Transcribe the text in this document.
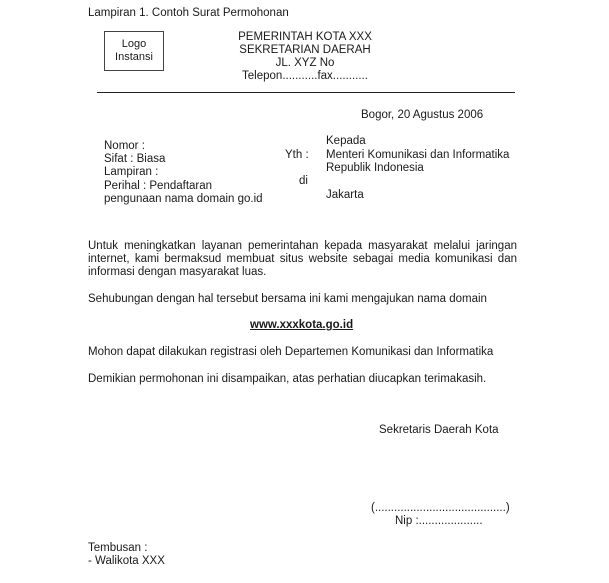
Lampiran 1. Contoh Surat Permohonan
Logo
Instansi
PEMERINTAH KOTA XXX
SEKRETARIAN DAERAH
JL. XYZ No
Telepon...........fax...........
Bogor, 20 Agustus 2006
Nomor :
Sifat : Biasa
Lampiran :
Perihal : Pendaftaran
pengunaan nama domain go.id
Kepada
Yth : Menteri Komunikasi dan Informatika
Republik Indonesia
di
Jakarta
Untuk meningkatkan layanan pemerintahan kepada masyarakat melalui jaringan internet, kami bermaksud membuat situs website sebagai media komunikasi dan informasi dengan masyarakat luas.
Sehubungan dengan hal tersebut bersama ini kami mengajukan nama domain
www.xxxkota.go.id
Mohon dapat dilakukan registrasi oleh Departemen Komunikasi dan Informatika
Demikian permohonan ini disampaikan, atas perhatian diucapkan terimakasih.
Sekretaris Daerah Kota
(.........................................)
Nip :....................
Tembusan :
- Walikota XXX
